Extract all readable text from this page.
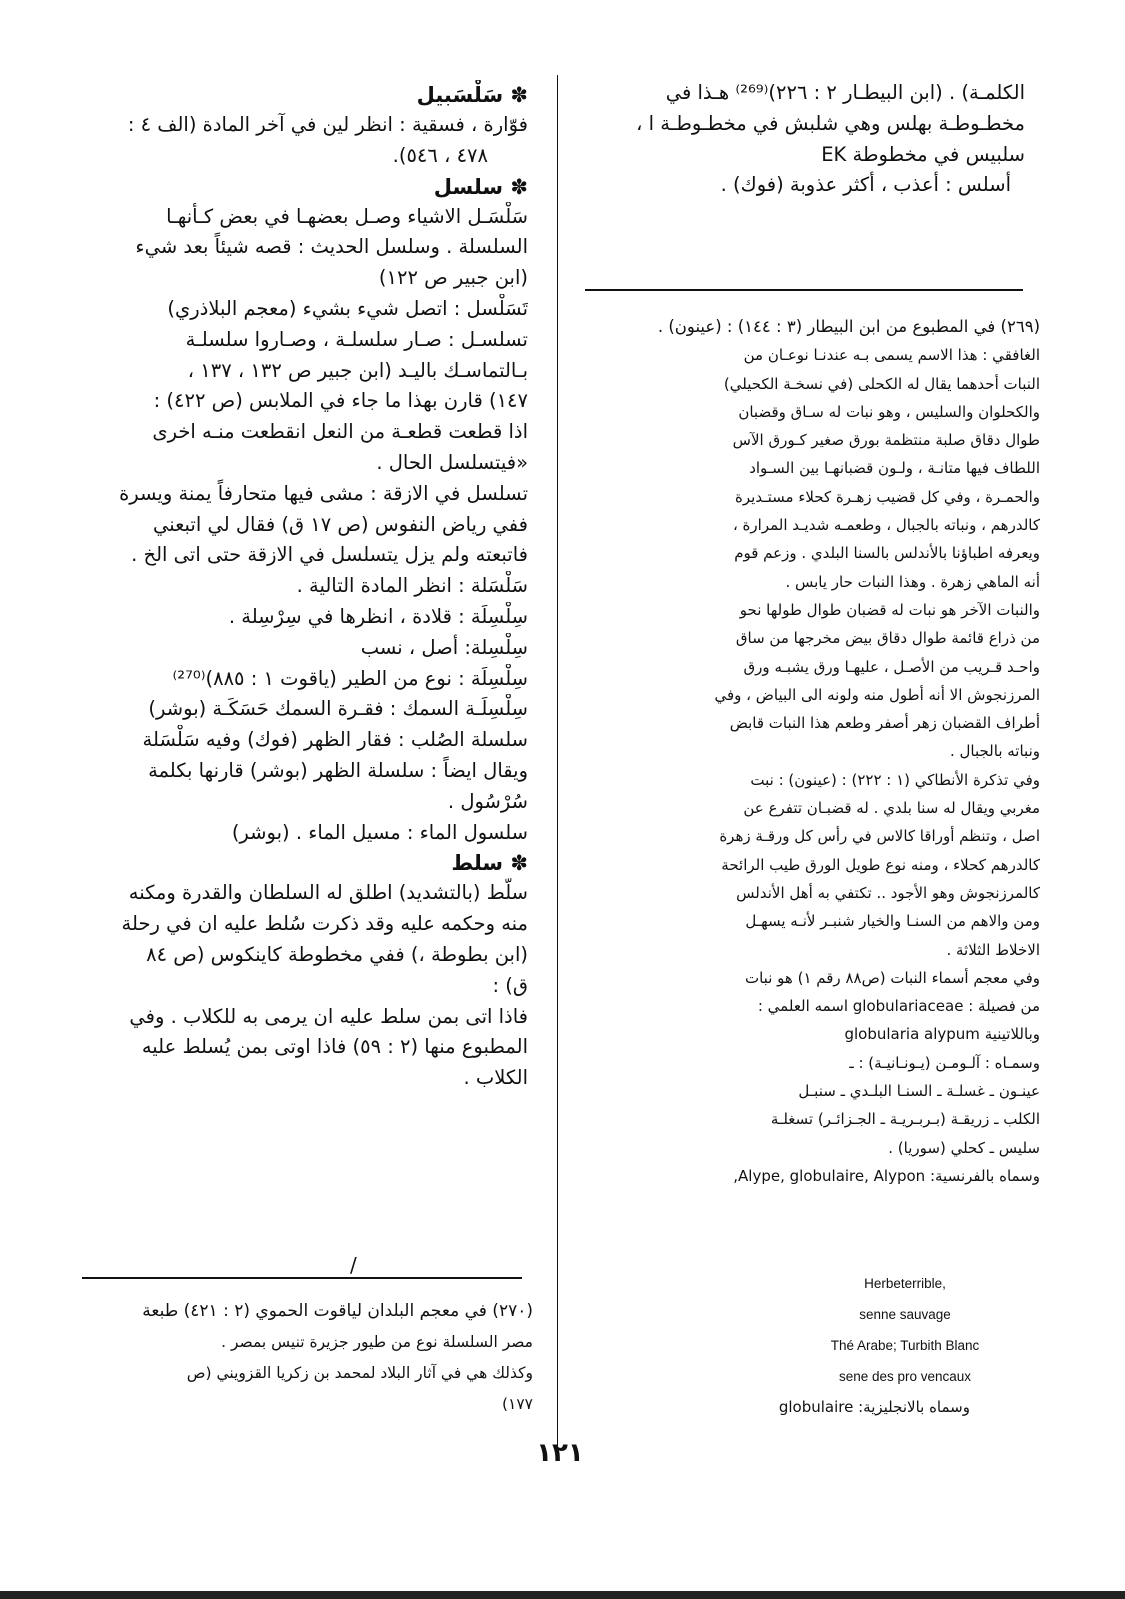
الكلمـة) . (ابن البيطـار ٢ : ٢٢٦)⁽²⁶⁹⁾ هـذا في
مخطـوطـة بهلس وهي شلبش في مخطـوطـة ا ،
سلبيس في مخطوطة EK
أسلس : أعذب ، أكثر عذوبة (فوك) .
(٢٦٩) في المطبوع من ابن البيطار (٣ : ١٤٤) : (عينون) .
الغافقي : هذا الاسم يسمى بـه عندنـا نوعـان من
النبات أحدهما يقال له الكحلى (في نسخـة الكحيلي)
والكحلوان والسليس ، وهو نبات له سـاق وقضبان
طوال دقاق صلبة منتظمة بورق صغير كـورق الآس
اللطاف فيها متانـة ، ولـون قضبانهـا بين السـواد
والحمـرة ، وفي كل قضيب زهـرة كحلاء مستـديرة
كالدرهم ، ونباته بالجبال ، وطعمـه شديـد المرارة ،
ويعرفه اطباؤنا بالأندلس بالسنا البلدي . وزعم قوم
أنه الماهي زهرة . وهذا النبات حار يابس .
والنبات الآخر هو نبات له قضبان طوال طولها نحو
من ذراع قائمة طوال دقاق بيض مخرجها من ساق
واحـد قـريب من الأصـل ، عليهـا ورق يشبـه ورق
المرزنجوش الا أنه أطول منه ولونه الى البياض ، وفي
أطراف القضبان زهر أصفر وطعم هذا النبات قابض
ونباته بالجبال .
وفي تذكرة الأنطاكي (١ : ٢٢٢) : (عينون) : نبت
مغربي ويقال له سنا بلدي . له قضبـان تتفرع عن
اصل ، وتنظم أوراقا كالاس في رأس كل ورقـة زهرة
كالدرهم كحلاء ، ومنه نوع طويل الورق طيب الرائحة
كالمرزنجوش وهو الأجود .. تكتفي به أهل الأندلس
ومن والاهم من السنـا والخيار شنبـر لأنـه يسهـل
الاخلاط الثلاثة .
وفي معجم أسماء النبات (ص٨٨ رقم ١) هو نبات
من فصيلة : globulariaceae اسمه العلمي :
وباللاتينية globularia alypum
وسمـاه : آلـومـن (يـونـانيـة) : ـ
عينـون ـ غسلـة ـ السنـا البلـدي ـ سنبـل
الكلب ـ زريقـة (بـربـريـة ـ الجـزائـر) تسغلـة
سليس ـ كحلي (سوريا) .
وسماه بالفرنسية: Alype, globulaire, Alypon,
Herbeterrible,
senne sauvage
Thé Arabe; Turbith Blanc
sene des pro vencaux
وسماه بالانجليزية: globulaire
✽ سَلْسَبيل
فوّارة ، فسقية : انظر لين في آخر المادة (الف ٤ :
٤٧٨ ، ٥٤٦).
✽ سلسل
سَلْسَـل الاشياء وصـل بعضهـا في بعض كـأنهـا
السلسلة . وسلسل الحديث : قصه شيئاً بعد شيء
(ابن جبير ص ١٢٢)
تَسَلْسل : اتصل شيء بشيء (معجم البلاذري)
تسلسـل : صـار سلسلـة ، وصـاروا سلسلـة
بـالتماسـك باليـد (ابن جبير ص ١٣٢ ، ١٣٧ ،
١٤٧) قارن بهذا ما جاء في الملابس (ص ٤٢٢) :
اذا قطعت قطعـة من النعل انقطعت منـه اخرى
«فيتسلسل الحال .
تسلسل في الازقة : مشى فيها متحارفاً يمنة ويسرة
ففي رياض النفوس (ص ١٧ ق) فقال لي اتبعني
فاتبعته ولم يزل يتسلسل في الازقة حتى اتى الخ .
سَلْسَلة : انظر المادة التالية .
سِلْسِلَة : قلادة ، انظرها في سِرْسِلة .
سِلْسِلة: أصل ، نسب
سِلْسِلَة : نوع من الطير (ياقوت ١ : ٨٨٥)⁽²⁷⁰⁾
سِلْسِلَـة السمك : فقـرة السمك حَسَكَـة (بوشر)
سلسلة الصُلب : فقار الظهر (فوك) وفيه سَلْسَلة
ويقال ايضاً : سلسلة الظهر (بوشر) قارنها بكلمة
سُرْسُول .
سلسول الماء : مسيل الماء . (بوشر)
✽ سلط
سلَّط (بالتشديد) اطلق له السلطان والقدرة ومكنه
منه وحكمه عليه وقد ذكرت سُلط عليه ان في رحلة
(ابن بطوطة ،) ففي مخطوطة كاينكوس (ص ٨٤
ق) :
فاذا اتى بمن سلط عليه ان يرمى به للكلاب . وفي
المطبوع منها (٢ : ٥٩) فاذا اوتى بمن يُسلط عليه
الكلاب .
/
(٢٧٠) في معجم البلدان لياقوت الحموي (٢ : ٤٢١) طبعة
مصر السلسلة نوع من طيور جزيرة تنيس بمصر .
وكذلك هي في آثار البلاد لمحمد بن زكريا القزويني (ص
١٧٧)
١٢١
